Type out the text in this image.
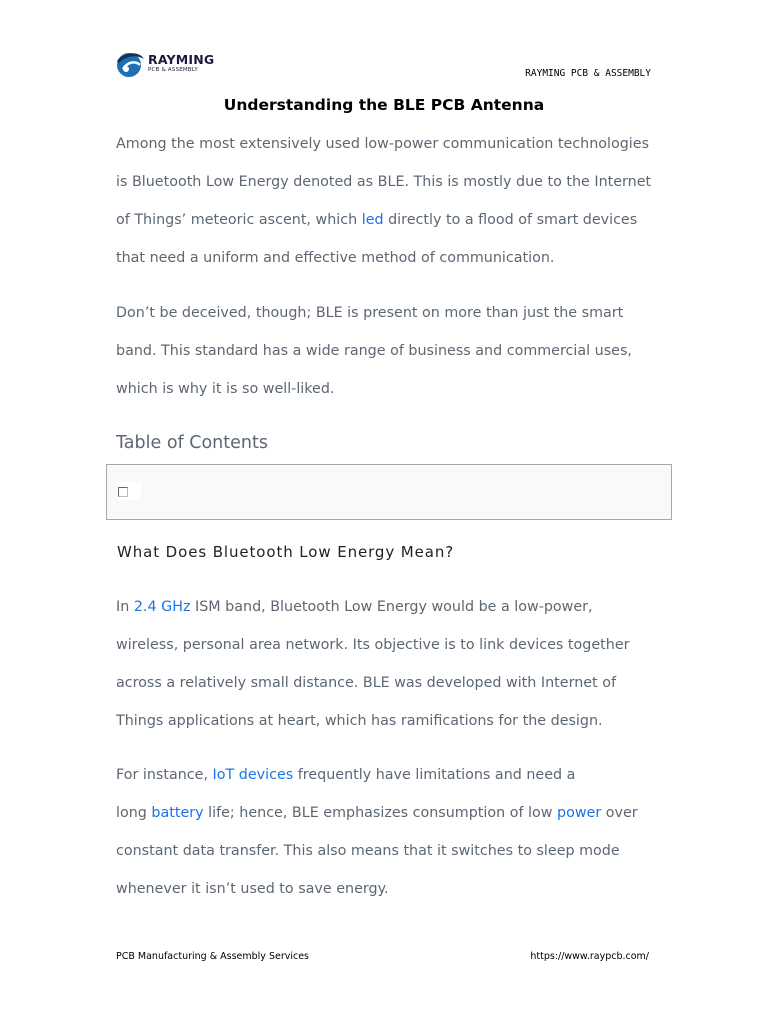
RAYMING
PCB & ASSEMBLY	RAYMING PCB & ASSEMBLY
Understanding the BLE PCB Antenna

Among the most extensively used low-power communication technologies
is Bluetooth Low Energy denoted as BLE. This is mostly due to the Internet
of Things’ meteoric ascent, which led directly to a flood of smart devices
that need a uniform and effective method of communication.

Don’t be deceived, though; BLE is present on more than just the smart
band. This standard has a wide range of business and commercial uses,
which is why it is so well-liked.

Table of Contents
What Does Bluetooth Low Energy Mean?

In 2.4 GHz ISM band, Bluetooth Low Energy would be a low-power,
wireless, personal area network. Its objective is to link devices together
across a relatively small distance. BLE was developed with Internet of
Things applications at heart, which has ramifications for the design.

For instance, IoT devices frequently have limitations and need a
long battery life; hence, BLE emphasizes consumption of low power over
constant data transfer. This also means that it switches to sleep mode
whenever it isn’t used to save energy.

PCB Manufacturing & Assembly Services	https://www.raypcb.com/
